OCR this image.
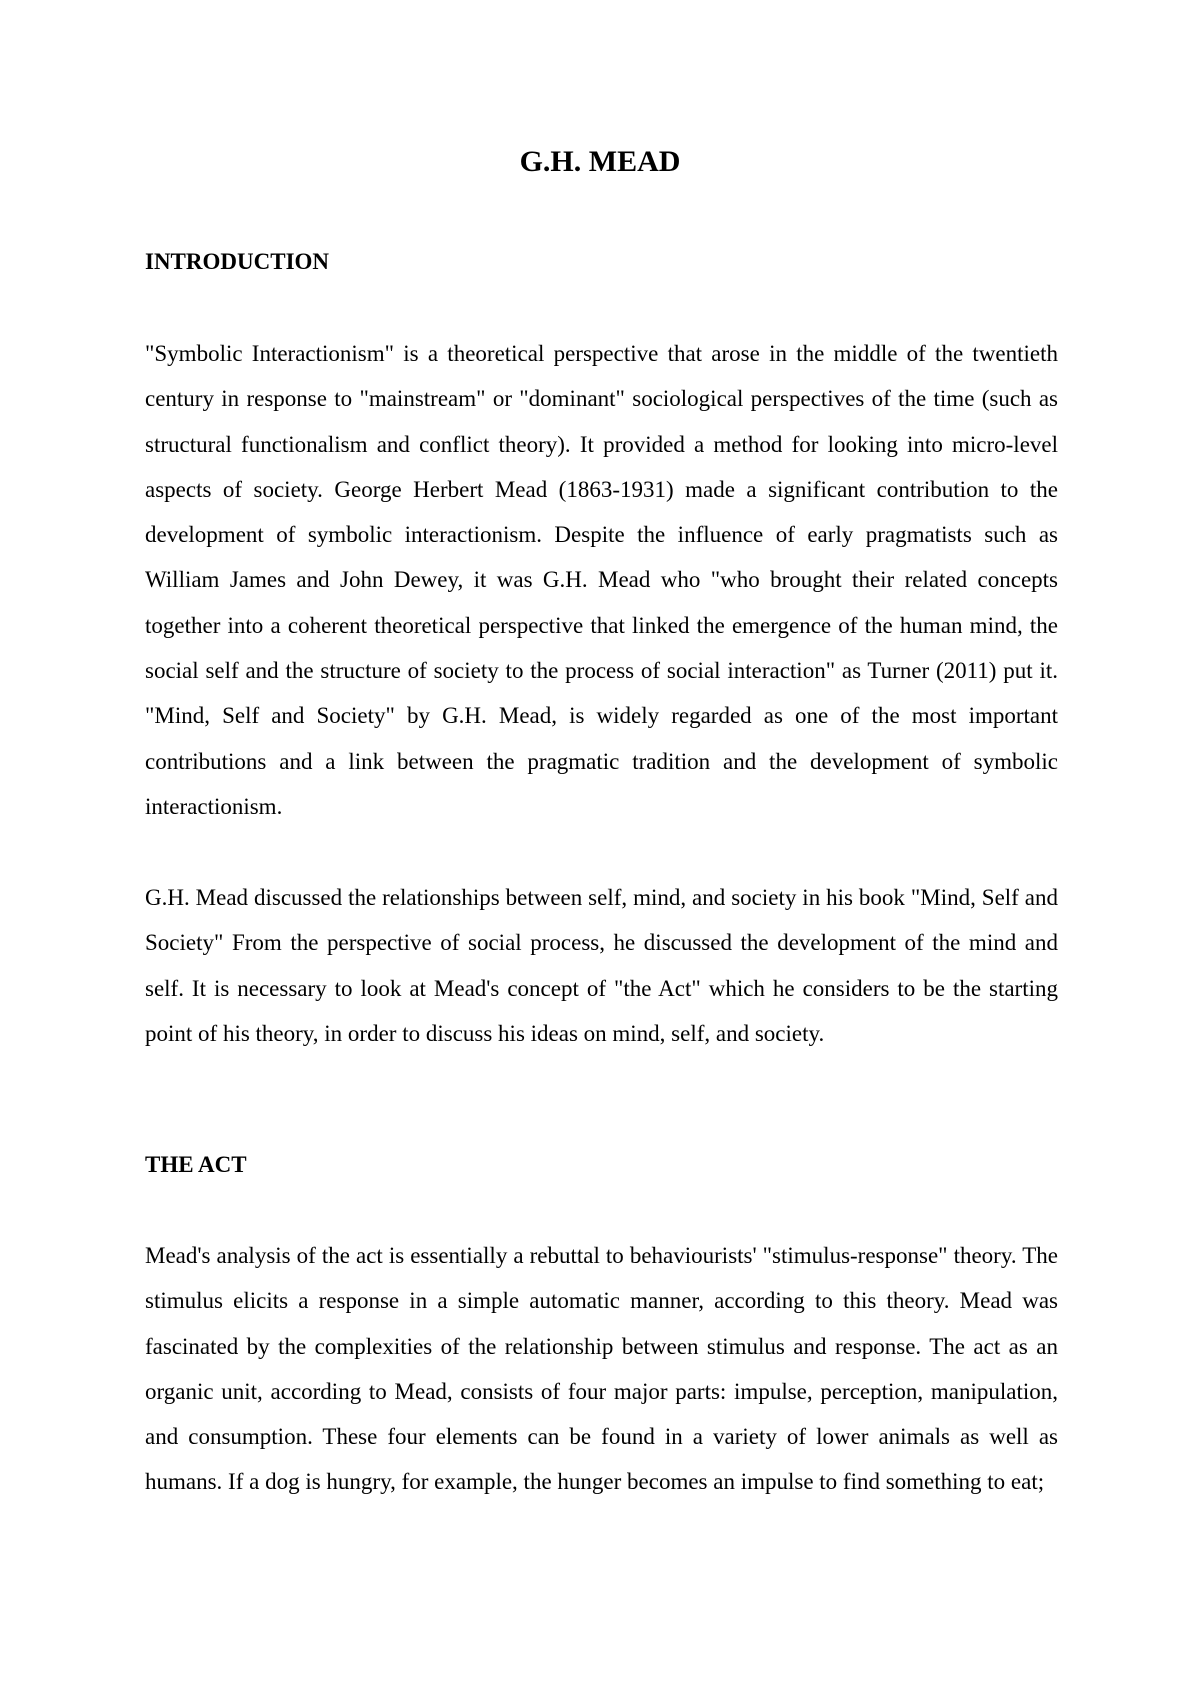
G.H. MEAD
INTRODUCTION

"Symbolic Interactionism" is a theoretical perspective that arose in the middle of the twentieth century in response to "mainstream" or "dominant" sociological perspectives of the time (such as structural functionalism and conflict theory). It provided a method for looking into micro-level aspects of society. George Herbert Mead (1863-1931) made a significant contribution to the development of symbolic interactionism. Despite the influence of early pragmatists such as William James and John Dewey, it was G.H. Mead who "who brought their related concepts together into a coherent theoretical perspective that linked the emergence of the human mind, the social self and the structure of society to the process of social interaction" as Turner (2011) put it. "Mind, Self and Society" by G.H. Mead, is widely regarded as one of the most important contributions and a link between the pragmatic tradition and the development of symbolic interactionism.

G.H. Mead discussed the relationships between self, mind, and society in his book "Mind, Self and Society" From the perspective of social process, he discussed the development of the mind and self. It is necessary to look at Mead's concept of "the Act" which he considers to be the starting point of his theory, in order to discuss his ideas on mind, self, and society.

THE ACT

Mead's analysis of the act is essentially a rebuttal to behaviourists' "stimulus-response" theory. The stimulus elicits a response in a simple automatic manner, according to this theory. Mead was fascinated by the complexities of the relationship between stimulus and response. The act as an organic unit, according to Mead, consists of four major parts: impulse, perception, manipulation, and consumption. These four elements can be found in a variety of lower animals as well as humans. If a dog is hungry, for example, the hunger becomes an impulse to find something to eat;
